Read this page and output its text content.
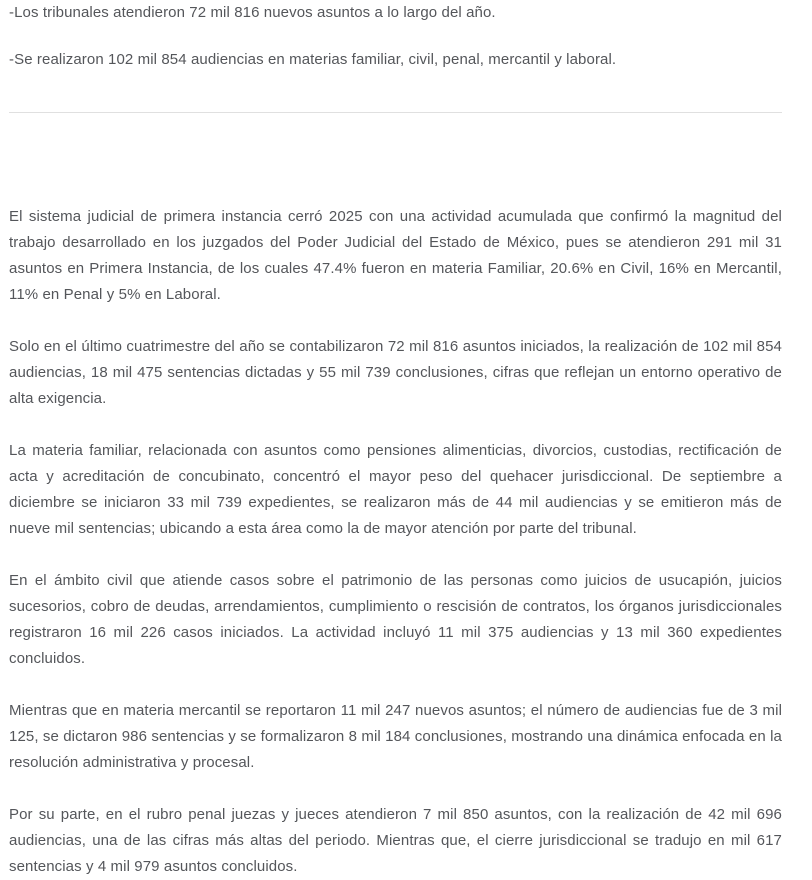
-Los tribunales atendieron 72 mil 816 nuevos asuntos a lo largo del año.

-Se realizaron 102 mil 854 audiencias en materias familiar, civil, penal, mercantil y laboral.

El sistema judicial de primera instancia cerró 2025 con una actividad acumulada que confirmó la magnitud del trabajo desarrollado en los juzgados del Poder Judicial del Estado de México, pues se atendieron 291 mil 31 asuntos en Primera Instancia, de los cuales 47.4% fueron en materia Familiar, 20.6% en Civil, 16% en Mercantil, 11% en Penal y 5% en Laboral.

Solo en el último cuatrimestre del año se contabilizaron 72 mil 816 asuntos iniciados, la realización de 102 mil 854 audiencias, 18 mil 475 sentencias dictadas y 55 mil 739 conclusiones, cifras que reflejan un entorno operativo de alta exigencia.

La materia familiar, relacionada con asuntos como pensiones alimenticias, divorcios, custodias, rectificación de acta y acreditación de concubinato, concentró el mayor peso del quehacer jurisdiccional. De septiembre a diciembre se iniciaron 33 mil 739 expedientes, se realizaron más de 44 mil audiencias y se emitieron más de nueve mil sentencias; ubicando a esta área como la de mayor atención por parte del tribunal.

En el ámbito civil que atiende casos sobre el patrimonio de las personas como juicios de usucapión, juicios sucesorios, cobro de deudas, arrendamientos, cumplimiento o rescisión de contratos, los órganos jurisdiccionales registraron 16 mil 226 casos iniciados. La actividad incluyó 11 mil 375 audiencias y 13 mil 360 expedientes concluidos.

Mientras que en materia mercantil se reportaron 11 mil 247 nuevos asuntos; el número de audiencias fue de 3 mil 125, se dictaron 986 sentencias y se formalizaron 8 mil 184 conclusiones, mostrando una dinámica enfocada en la resolución administrativa y procesal.

Por su parte, en el rubro penal juezas y jueces atendieron 7 mil 850 asuntos, con la realización de 42 mil 696 audiencias, una de las cifras más altas del periodo. Mientras que, el cierre jurisdiccional se tradujo en mil 617 sentencias y 4 mil 979 asuntos concluidos.
